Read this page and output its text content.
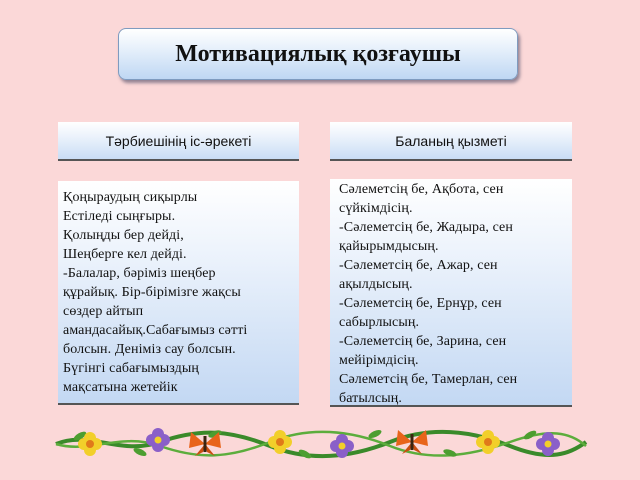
Мотивациялық қозғаушы
Тәрбиешінің іс-әрекеті	Баланың қызметі
Қоңыраудың сиқырлы
Естіледі сыңғыры.
Қолыңды бер дейді,
Шеңберге кел дейді.
-Балалар, бәріміз шеңбер
құрайық. Бір-бірімізге жақсы
сөздер айтып
амандасайық.Сабағымыз сәтті
болсын. Деніміз сау болсын.
Бүгінгі сабағымыздың
мақсатына жетейік
Сәлеметсің бе, Ақбота, сен
сүйкімдісің.
-Сәлеметсің бе, Жадыра, сен
қайырымдысың.
-Сәлеметсің бе, Ажар, сен
ақылдысың.
-Сәлеметсің бе, Ернұр, сен
сабырлысың.
-Сәлеметсің бе, Зарина, сен
мейірімдісің.
Сәлеметсің бе, Тамерлан, сен
батылсың.
